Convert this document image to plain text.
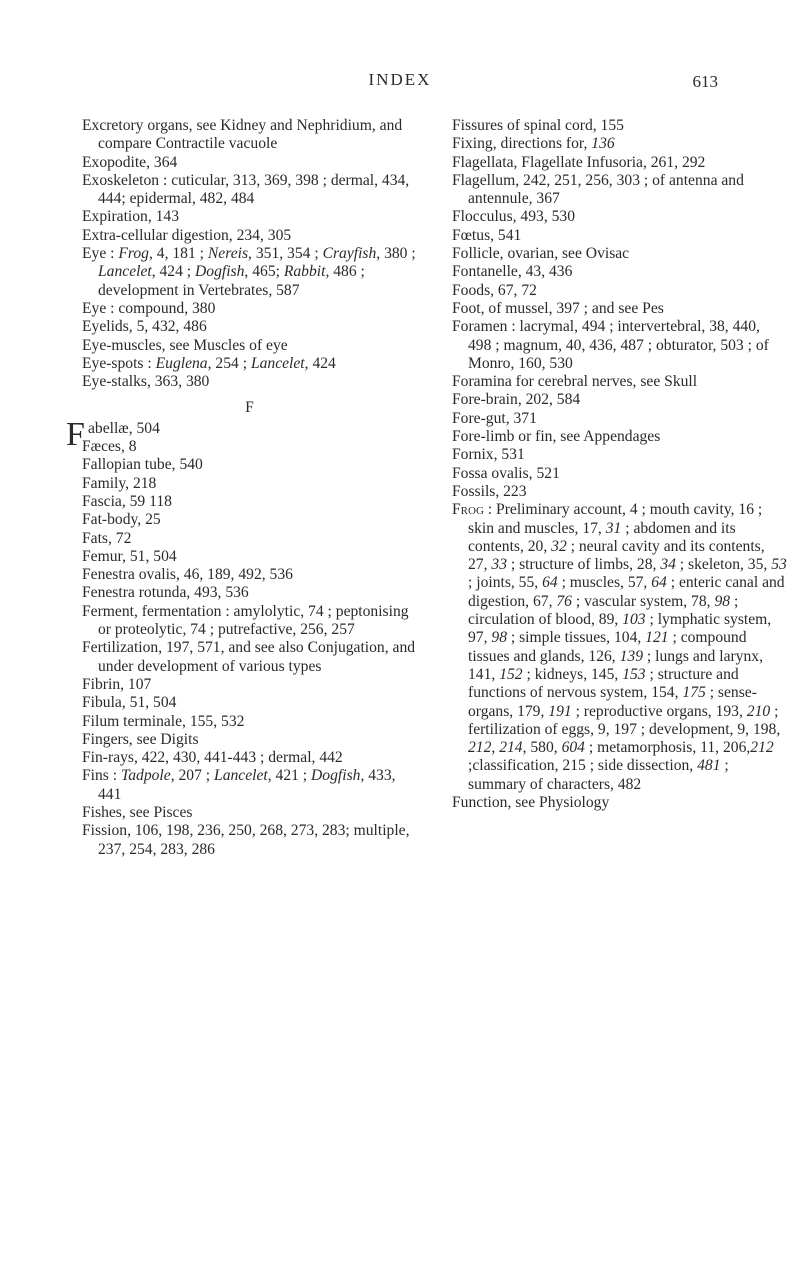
INDEX	613

Excretory organs, see Kidney and Nephridium, and compare Contractile vacuole

Exopodite, 364

Exoskeleton : cuticular, 313, 369, 398 ; dermal, 434, 444; epidermal, 482, 484

Expiration, 143

Extra-cellular digestion, 234, 305

Eye : Frog, 4, 181 ; Nereis, 351, 354 ; Crayfish, 380 ; Lancelet, 424 ; Dogfish, 465; Rabbit, 486 ; development in Vertebrates, 587

Eye : compound, 380

Eyelids, 5, 432, 486

Eye-muscles, see Muscles of eye

Eye-spots : Euglena, 254 ; Lancelet, 424

Eye-stalks, 363, 380

F

F abellæ, 504

Fæces, 8

Fallopian tube, 540

Family, 218

Fascia, 59 118

Fat-body, 25

Fats, 72

Femur, 51, 504

Fenestra ovalis, 46, 189, 492, 536

Fenestra rotunda, 493, 536

Ferment, fermentation : amylolytic, 74 ; peptonising or proteolytic, 74 ; putrefactive, 256, 257

Fertilization, 197, 571, and see also Conjugation, and under development of various types

Fibrin, 107

Fibula, 51, 504

Filum terminale, 155, 532

Fingers, see Digits

Fin-rays, 422, 430, 441-443 ; dermal, 442

Fins : Tadpole, 207 ; Lancelet, 421 ; Dogfish, 433, 441

Fishes, see Pisces

Fission, 106, 198, 236, 250, 268, 273, 283; multiple, 237, 254, 283, 286

Fissures of spinal cord, 155

Fixing, directions for, 136

Flagellata, Flagellate Infusoria, 261, 292

Flagellum, 242, 251, 256, 303 ; of antenna and antennule, 367

Flocculus, 493, 530

Fœtus, 541

Follicle, ovarian, see Ovisac

Fontanelle, 43, 436

Foods, 67, 72

Foot, of mussel, 397 ; and see Pes

Foramen : lacrymal, 494 ; intervertebral, 38, 440, 498 ; magnum, 40, 436, 487 ; obturator, 503 ; of Monro, 160, 530

Foramina for cerebral nerves, see Skull

Fore-brain, 202, 584

Fore-gut, 371

Fore-limb or fin, see Appendages

Fornix, 531

Fossa ovalis, 521

Fossils, 223

Frog : Preliminary account, 4 ; mouth cavity, 16 ; skin and muscles, 17, 31 ; abdomen and its contents, 20, 32 ; neural cavity and its contents, 27, 33 ; structure of limbs, 28, 34 ; skeleton, 35, 53 ; joints, 55, 64 ; muscles, 57, 64 ; enteric canal and digestion, 67, 76 ; vascular system, 78, 98 ; circulation of blood, 89, 103 ; lymphatic system, 97, 98 ; simple tissues, 104, 121 ; compound tissues and glands, 126, 139 ; lungs and larynx, 141, 152 ; kidneys, 145, 153 ; structure and functions of nervous system, 154, 175 ; sense-organs, 179, 191 ; reproductive organs, 193, 210 ; fertilization of eggs, 9, 197 ; development, 9, 198, 212, 214, 580, 604 ; metamorphosis, 11, 206,212 ;classification, 215 ; side dissection, 481 ; summary of characters, 482

Function, see Physiology
